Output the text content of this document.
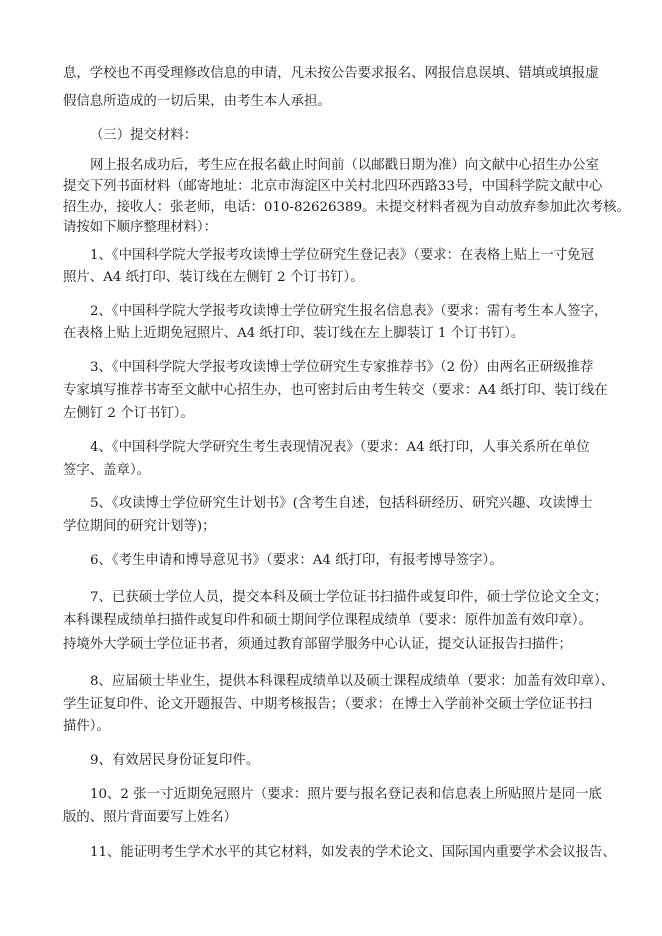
息，学校也不再受理修改信息的申请，凡未按公告要求报名、网报信息误填、错填或填报虚
假信息所造成的一切后果，由考生本人承担。
（三）提交材料：
网上报名成功后，考生应在报名截止时间前（以邮戳日期为准）向文献中心招生办公室
提交下列书面材料（邮寄地址：北京市海淀区中关村北四环西路33号，中国科学院文献中心
招生办，接收人：张老师，电话：010-82626389。未提交材料者视为自动放弃参加此次考核。
请按如下顺序整理材料）：
1、《中国科学院大学报考攻读博士学位研究生登记表》（要求：在表格上贴上一寸免冠
照片、A4 纸打印、装订线在左侧钉 2 个订书钉）。
2、《中国科学院大学报考攻读博士学位研究生报名信息表》（要求：需有考生本人签字，
在表格上贴上近期免冠照片、A4 纸打印、装订线在左上脚装订 1 个订书钉）。
3、《中国科学院大学报考攻读博士学位研究生专家推荐书》（2 份）由两名正研级推荐
专家填写推荐书寄至文献中心招生办，也可密封后由考生转交（要求：A4 纸打印、装订线在
左侧钉 2 个订书钉）。
4、《中国科学院大学研究生考生表现情况表》（要求：A4 纸打印，人事关系所在单位
签字、盖章）。
5、《攻读博士学位研究生计划书》(含考生自述，包括科研经历、研究兴趣、攻读博士
学位期间的研究计划等)；
6、《考生申请和博导意见书》（要求：A4 纸打印，有报考博导签字）。
7、已获硕士学位人员，提交本科及硕士学位证书扫描件或复印件，硕士学位论文全文；
本科课程成绩单扫描件或复印件和硕士期间学位课程成绩单（要求：原件加盖有效印章）。
持境外大学硕士学位证书者，须通过教育部留学服务中心认证，提交认证报告扫描件；
8、应届硕士毕业生，提供本科课程成绩单以及硕士课程成绩单（要求：加盖有效印章）、
学生证复印件、论文开题报告、中期考核报告；（要求：在博士入学前补交硕士学位证书扫
描件）。
9、有效居民身份证复印件。
10、2 张一寸近期免冠照片（要求：照片要与报名登记表和信息表上所贴照片是同一底
版的、照片背面要写上姓名）
11、能证明考生学术水平的其它材料，如发表的学术论文、国际国内重要学术会议报告、
